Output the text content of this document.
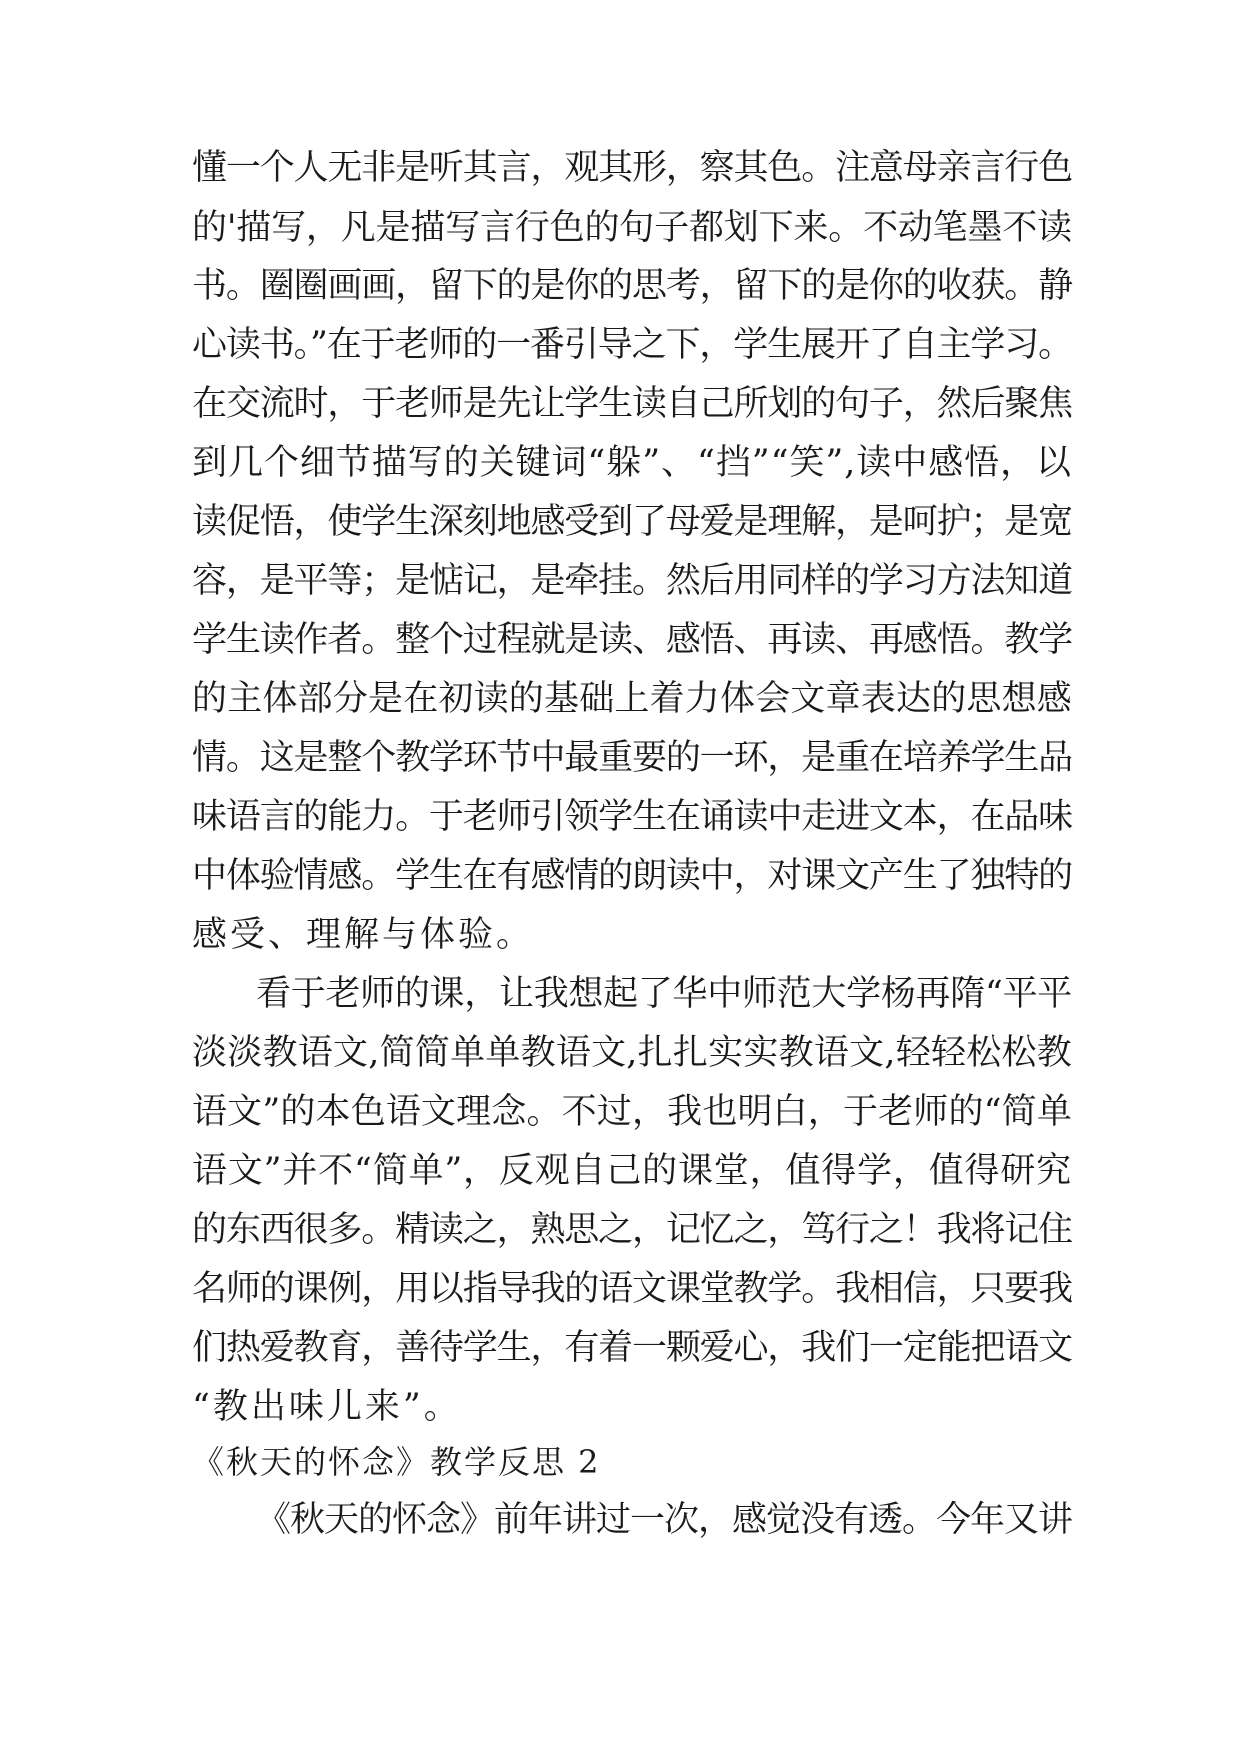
懂一个人无非是听其言，观其形，察其色。注意母亲言行色
的'描写，凡是描写言行色的句子都划下来。不动笔墨不读
书。圈圈画画，留下的是你的思考，留下的是你的收获。静
心读书。”在于老师的一番引导之下，学生展开了自主学习。
在交流时，于老师是先让学生读自己所划的句子，然后聚焦
到几个细节描写的关键词“躲”、“挡”“笑”,读中感悟，以
读促悟，使学生深刻地感受到了母爱是理解，是呵护；是宽
容，是平等；是惦记，是牵挂。然后用同样的学习方法知道
学生读作者。整个过程就是读、感悟、再读、再感悟。教学
的主体部分是在初读的基础上着力体会文章表达的思想感
情。这是整个教学环节中最重要的一环，是重在培养学生品
味语言的能力。于老师引领学生在诵读中走进文本，在品味
中体验情感。学生在有感情的朗读中，对课文产生了独特的
感受、理解与体验。
看于老师的课，让我想起了华中师范大学杨再隋“平平
淡淡教语文,简简单单教语文,扎扎实实教语文,轻轻松松教
语文”的本色语文理念。不过，我也明白，于老师的“简单
语文”并不“简单”，反观自己的课堂，值得学，值得研究
的东西很多。精读之，熟思之，记忆之，笃行之！我将记住
名师的课例，用以指导我的语文课堂教学。我相信，只要我
们热爱教育，善待学生，有着一颗爱心，我们一定能把语文
“教出味儿来”。
《秋天的怀念》教学反思 2
《秋天的怀念》前年讲过一次，感觉没有透。今年又讲
